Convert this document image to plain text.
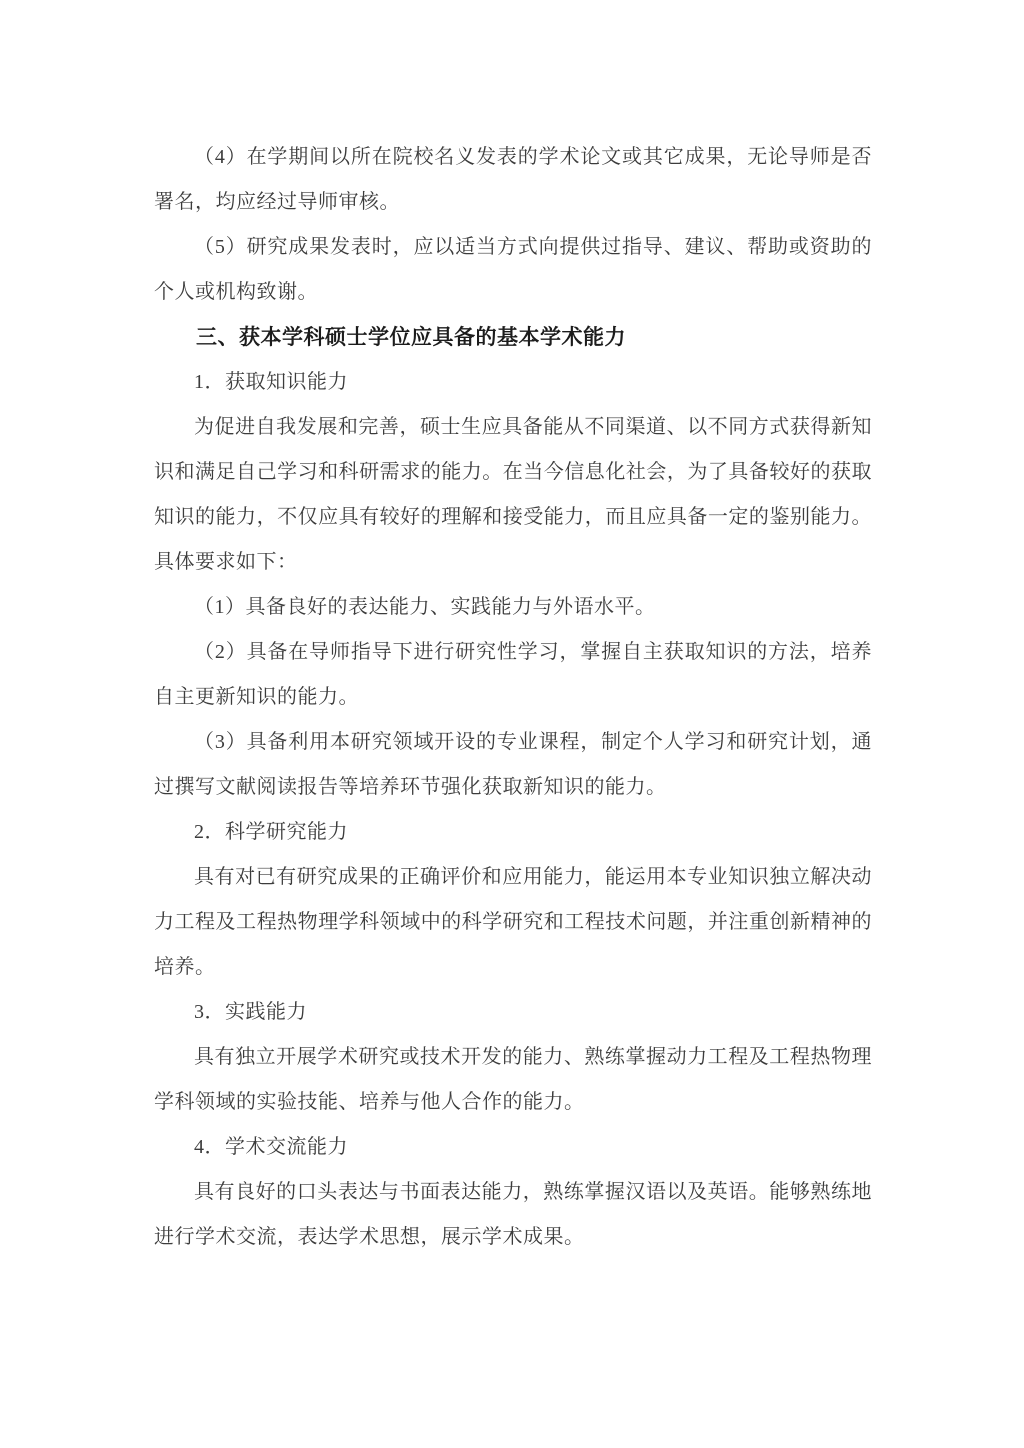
（4）在学期间以所在院校名义发表的学术论文或其它成果，无论导师是否署名，均应经过导师审核。

（5）研究成果发表时，应以适当方式向提供过指导、建议、帮助或资助的个人或机构致谢。

三、获本学科硕士学位应具备的基本学术能力

1．获取知识能力

为促进自我发展和完善，硕士生应具备能从不同渠道、以不同方式获得新知识和满足自己学习和科研需求的能力。在当今信息化社会，为了具备较好的获取知识的能力，不仅应具有较好的理解和接受能力，而且应具备一定的鉴别能力。具体要求如下：

（1）具备良好的表达能力、实践能力与外语水平。

（2）具备在导师指导下进行研究性学习，掌握自主获取知识的方法，培养自主更新知识的能力。

（3）具备利用本研究领域开设的专业课程，制定个人学习和研究计划，通过撰写文献阅读报告等培养环节强化获取新知识的能力。

2．科学研究能力

具有对已有研究成果的正确评价和应用能力，能运用本专业知识独立解决动力工程及工程热物理学科领域中的科学研究和工程技术问题，并注重创新精神的培养。

3．实践能力

具有独立开展学术研究或技术开发的能力、熟练掌握动力工程及工程热物理学科领域的实验技能、培养与他人合作的能力。

4．学术交流能力

具有良好的口头表达与书面表达能力，熟练掌握汉语以及英语。能够熟练地进行学术交流，表达学术思想，展示学术成果。
